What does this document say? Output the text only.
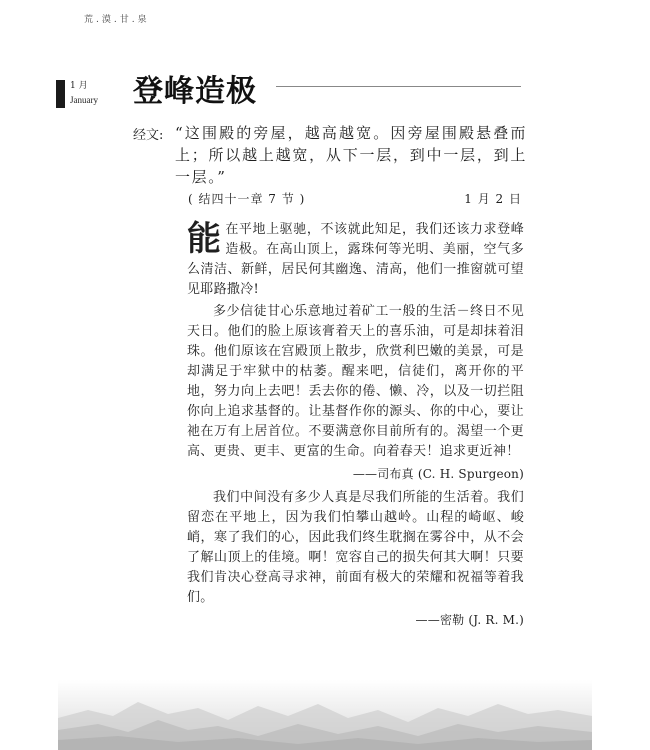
荒.漠.甘.泉
1 月
January 登峰造极
经文: “这围殿的旁屋，越高越宽。因旁屋围殿悬叠而上；所以越上越宽，从下一层，到中一层，到上一层。”
( 结四十一章 7 节 )	1 月 2 日

能在平地上驱驰，不该就此知足，我们还该力求登峰造极。在高山顶上，露珠何等光明、美丽，空气多么清洁、新鲜，居民何其幽逸、清高，他们一推窗就可望见耶路撒冷!

多少信徒甘心乐意地过着矿工一般的生活－终日不见天日。他们的脸上原该膏着天上的喜乐油，可是却抹着泪珠。他们原该在宫殿顶上散步，欣赏利巴嫩的美景，可是却满足于牢狱中的枯萎。醒来吧，信徒们，离开你的平地，努力向上去吧！丢去你的倦、懒、冷，以及一切拦阻你向上追求基督的。让基督作你的源头、你的中心，要让祂在万有上居首位。不要满意你目前所有的。渴望一个更高、更贵、更丰、更富的生命。向着春天！追求更近神！

——司布真 (C. H. Spurgeon)

我们中间没有多少人真是尽我们所能的生活着。我们留恋在平地上，因为我们怕攀山越岭。山程的崎岖、峻峭，寒了我们的心，因此我们终生耽搁在雾谷中，从不会了解山顶上的佳境。啊！宽容自己的损失何其大啊！只要我们肯决心登高寻求神，前面有极大的荣耀和祝福等着我们。

——密勒 (J. R. M.)
